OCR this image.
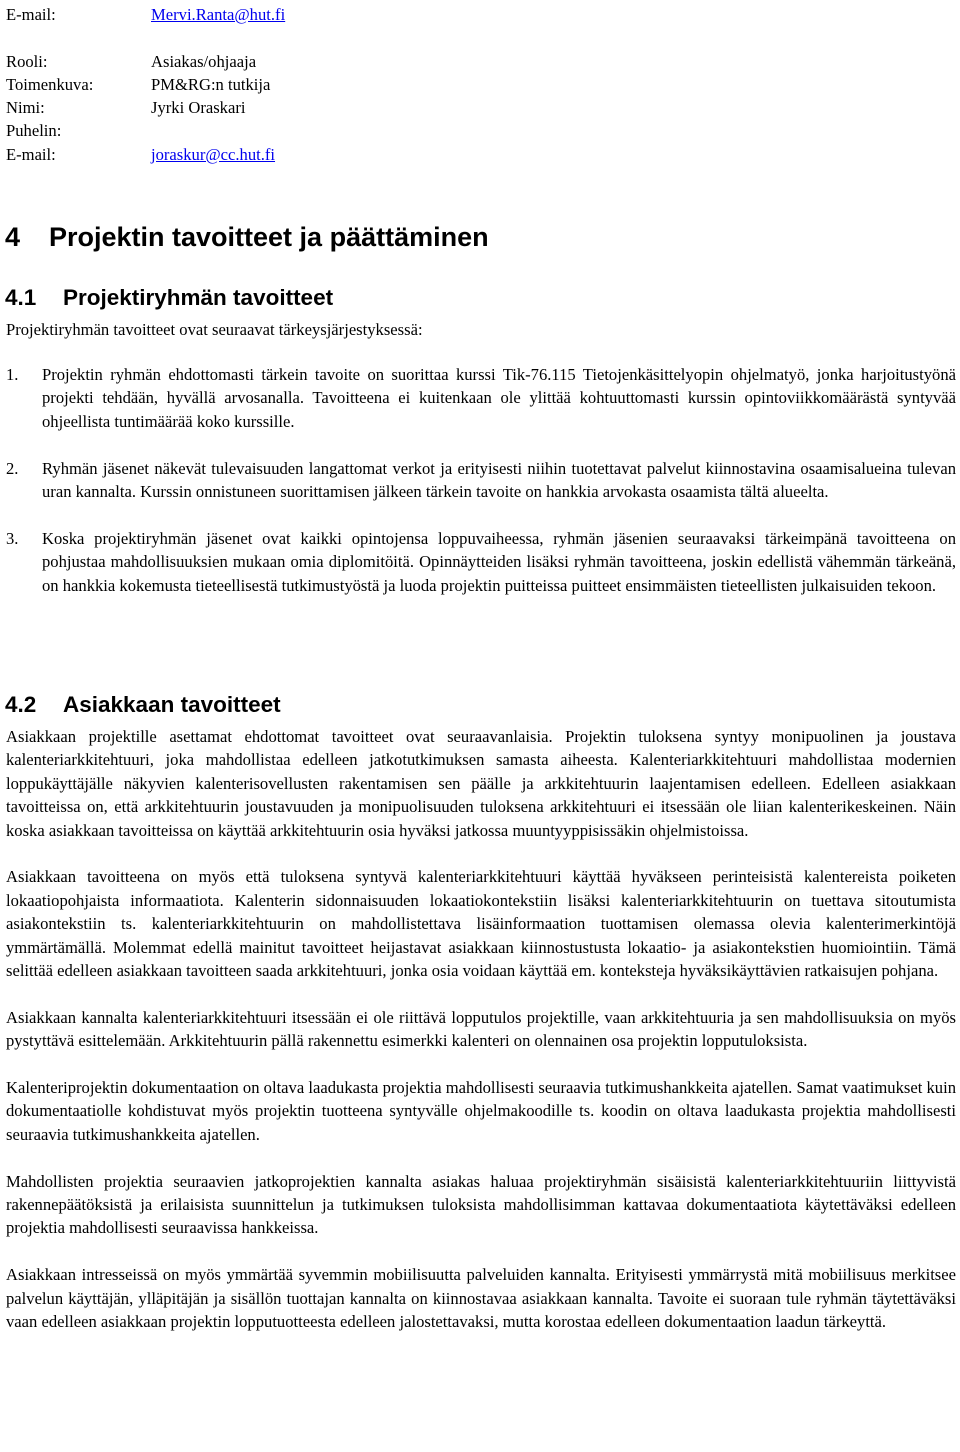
E-mail:	Mervi.Ranta@hut.fi
Rooli:	Asiakas/ohjaaja
Toimenkuva:	PM&RG:n tutkija
Nimi:	Jyrki Oraskari
Puhelin:
E-mail:	joraskur@cc.hut.fi
4 Projektin tavoitteet ja päättäminen
4.1 Projektiryhmän tavoitteet
Projektiryhmän tavoitteet ovat seuraavat tärkeysjärjestyksessä:
1. Projektin ryhmän ehdottomasti tärkein tavoite on suorittaa kurssi Tik-76.115 Tietojenkäsittelyopin ohjelmatyö, jonka harjoitustyönä projekti tehdään, hyvällä arvosanalla. Tavoitteena ei kuitenkaan ole ylittää kohtuuttomasti kurssin opintoviikkomäärästä syntyvää ohjeellista tuntimäärää koko kurssille.
2. Ryhmän jäsenet näkevät tulevaisuuden langattomat verkot ja erityisesti niihin tuotettavat palvelut kiinnostavina osaamisalueina tulevan uran kannalta. Kurssin onnistuneen suorittamisen jälkeen tärkein tavoite on hankkia arvokasta osaamista tältä alueelta.
3. Koska projektiryhmän jäsenet ovat kaikki opintojensa loppuvaiheessa, ryhmän jäsenien seuraavaksi tärkeimpänä tavoitteena on pohjustaa mahdollisuuksien mukaan omia diplomitöitä. Opinnäytteiden lisäksi ryhmän tavoitteena, joskin edellistä vähemmän tärkeänä, on hankkia kokemusta tieteellisestä tutkimustyöstä ja luoda projektin puitteissa puitteet ensimmäisten tieteellisten julkaisuiden tekoon.
4.2 Asiakkaan tavoitteet

Asiakkaan projektille asettamat ehdottomat tavoitteet ovat seuraavanlaisia. Projektin tuloksena syntyy monipuolinen ja joustava kalenteriarkkitehtuuri, joka mahdollistaa edelleen jatkotutkimuksen samasta aiheesta. Kalenteriarkkitehtuuri mahdollistaa modernien loppukäyttäjälle näkyvien kalenterisovellusten rakentamisen sen päälle ja arkkitehtuurin laajentamisen edelleen. Edelleen asiakkaan tavoitteissa on, että arkkitehtuurin joustavuuden ja monipuolisuuden tuloksena arkkitehtuuri ei itsessään ole liian kalenterikeskeinen. Näin koska asiakkaan tavoitteissa on käyttää arkkitehtuurin osia hyväksi jatkossa muuntyyppisissäkin ohjelmistoissa.

Asiakkaan tavoitteena on myös että tuloksena syntyvä kalenteriarkkitehtuuri käyttää hyväkseen perinteisistä kalentereista poiketen lokaatiopohjaista informaatiota. Kalenterin sidonnaisuuden lokaatiokontekstiin lisäksi kalenteriarkkitehtuurin on tuettava sitoutumista asiakontekstiin ts. kalenteriarkkitehtuurin on mahdollistettava lisäinformaation tuottamisen olemassa olevia kalenterimerkintöjä ymmärtämällä. Molemmat edellä mainitut tavoitteet heijastavat asiakkaan kiinnostustusta lokaatio- ja asiakontekstien huomiointiin. Tämä selittää edelleen asiakkaan tavoitteen saada arkkitehtuuri, jonka osia voidaan käyttää em. konteksteja hyväksikäyttävien ratkaisujen pohjana.

Asiakkaan kannalta kalenteriarkkitehtuuri itsessään ei ole riittävä lopputulos projektille, vaan arkkitehtuuria ja sen mahdollisuuksia on myös pystyttävä esittelemään. Arkkitehtuurin pällä rakennettu esimerkki kalenteri on olennainen osa projektin lopputuloksista.

Kalenteriprojektin dokumentaation on oltava laadukasta projektia mahdollisesti seuraavia tutkimushankkeita ajatellen. Samat vaatimukset kuin dokumentaatiolle kohdistuvat myös projektin tuotteena syntyvälle ohjelmakoodille ts. koodin on oltava laadukasta projektia mahdollisesti seuraavia tutkimushankkeita ajatellen.

Mahdollisten projektia seuraavien jatkoprojektien kannalta asiakas haluaa projektiryhmän sisäisistä kalenteriarkkitehtuuriin liittyvistä rakennepäätöksistä ja erilaisista suunnittelun ja tutkimuksen tuloksista mahdollisimman kattavaa dokumentaatiota käytettäväksi edelleen projektia mahdollisesti seuraavissa hankkeissa.

Asiakkaan intresseissä on myös ymmärtää syvemmin mobiilisuutta palveluiden kannalta. Erityisesti ymmärrystä mitä mobiilisuus merkitsee palvelun käyttäjän, ylläpitäjän ja sisällön tuottajan kannalta on kiinnostavaa asiakkaan kannalta. Tavoite ei suoraan tule ryhmän täytettäväksi vaan edelleen asiakkaan projektin lopputuotteesta edelleen jalostettavaksi, mutta korostaa edelleen dokumentaation laadun tärkeyttä.
